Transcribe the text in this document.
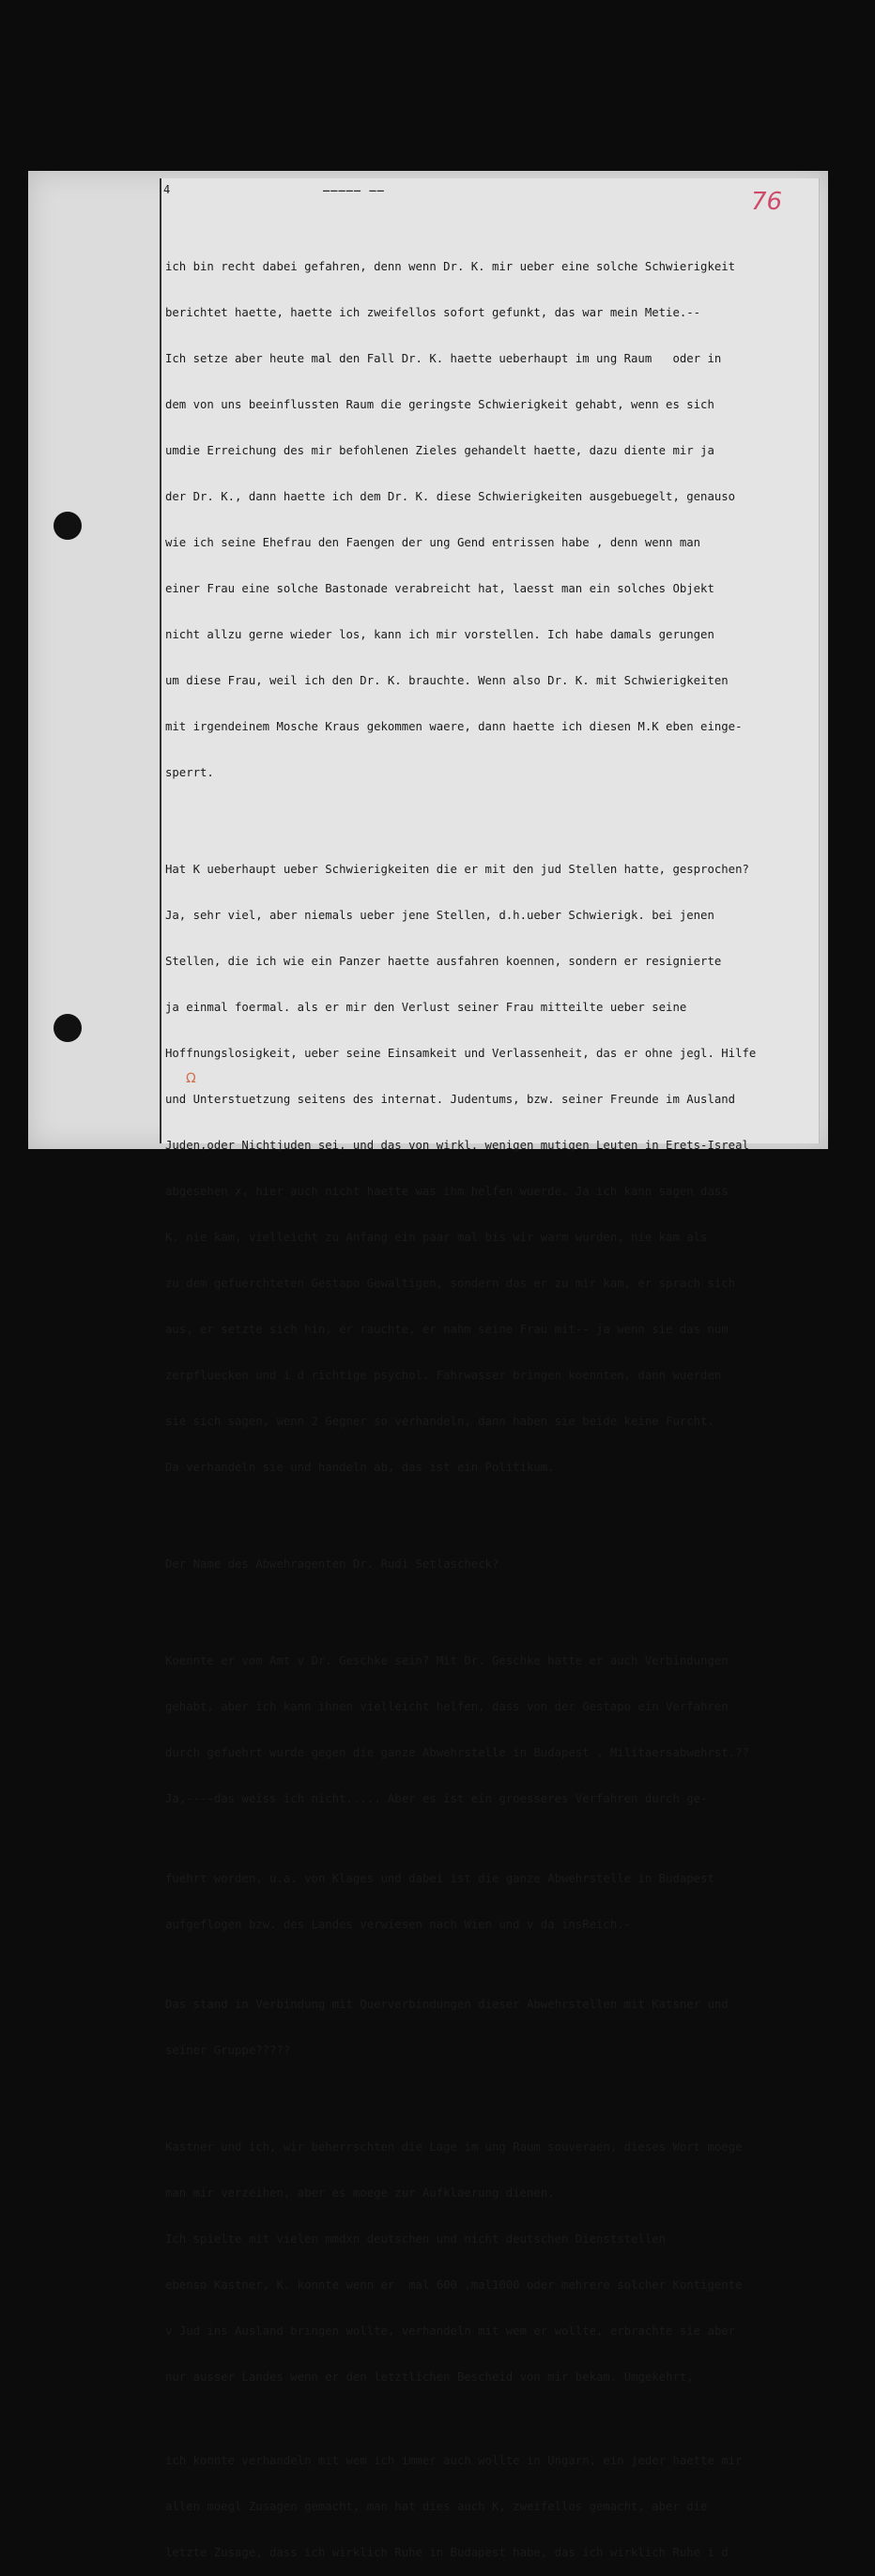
_____ __
4	76
Ω

ich bin recht dabei gefahren, denn wenn Dr. K. mir ueber eine solche Schwierigkeit

berichtet haette, haette ich zweifellos sofort gefunkt, das war mein Metie.--

Ich setze aber heute mal den Fall Dr. K. haette ueberhaupt im ung Raum   oder in

dem von uns beeinflussten Raum die geringste Schwierigkeit gehabt, wenn es sich

umdie Erreichung des mir befohlenen Zieles gehandelt haette, dazu diente mir ja

der Dr. K., dann haette ich dem Dr. K. diese Schwierigkeiten ausgebuegelt, genauso

wie ich seine Ehefrau den Faengen der ung Gend entrissen habe , denn wenn man

einer Frau eine solche Bastonade verabreicht hat, laesst man ein solches Objekt

nicht allzu gerne wieder los, kann ich mir vorstellen. Ich habe damals gerungen

um diese Frau, weil ich den Dr. K. brauchte. Wenn also Dr. K. mit Schwierigkeiten

mit irgendeinem Mosche Kraus gekommen waere, dann haette ich diesen M.K eben einge-

sperrt.

Hat K ueberhaupt ueber Schwierigkeiten die er mit den jud Stellen hatte, gesprochen?

Ja, sehr viel, aber niemals ueber jene Stellen, d.h.ueber Schwierigk. bei jenen

Stellen, die ich wie ein Panzer haette ausfahren koennen, sondern er resignierte

ja einmal foermal. als er mir den Verlust seiner Frau mitteilte ueber seine

Hoffnungslosigkeit, ueber seine Einsamkeit und Verlassenheit, das er ohne jegl. Hilfe

und Unterstuetzung seitens des internat. Judentums, bzw. seiner Freunde im Ausland

Juden,oder Nichtjuden sei, und das von wirkl. wenigen mutigen Leuten in Erets-Isreal

abgesehen ✗, hier auch nicht haette was ihm helfen wuerde. Ja ich kann sagen dass

K. nie kam, vielleicht zu Anfang ein paar mal bis wir warm wurden, nie kam als

zu dem gefuerchteten Gestapo Gewaltigen, sondern das er zu mir kam, er sprach sich

aus, er setzte sich hin, er rauchte, er nahm seine Frau mit-- ja wenn sie das num

zerpfluecken und i d richtige psychol. Fahrwasser bringen koennten, dann wuerden

sie sich sagen, wenn 2 Gegner so verhandeln, dann haben sie beide keine Furcht.

Da verhandeln sie und handeln ab, das ist ein Politikum.

Der Name des Abwehragenten Dr. Rudi Setlascheck?

Koennte er vom Amt v Dr. Geschke sein? Mit Dr. Geschke hatte er auch Verbindungen

gehabt, aber ich kann ihnen vielleicht helfen, dass von der Gestapo ein Verfahren

durch gefuehrt wurde gegen die ganze Abwehrstelle in Budapest , Militaersabwehrst.??

Ja,----das weiss ich nicht..... Aber es ist ein groesseres Verfahren durch ge-

fuehrt worden, u.a. von Klages und dabei ist die ganze Abwehrstelle in Budapest

aufgeflogen bzw. des Landes verwiesen nach Wien und v da insReich.-

Das stand in Verbindung mit Querverbindungen dieser Abwehrstellen mit Katsner und

seiner Gruppe?????

Kastner und ich, wir beherrschten die Lage im ung Raum souveraen, dieses Wort moege

man mir verzeihen, aber es moege zur Aufklaerung dienen.

Ich spielte mit vielen mmdxn deutschen und nicht deutschen Dienststellen

ebenso Kastner, K. konnte wenn er  mal 600 ,mal1000 oder mehrere solcher Kontigente

v Jud ins Ausland bringen wollte, verhandeln mit wem er wollte, erbrachte sie aber

nur ausser Landes wenn er den letztlichen Bescheid von mir bekam. Umgekehrt,

ich konnte verhandeln mit wem ich immer auch wollte in Ungarn, ein jeder haette mir

allen moegl Zusagen gemacht, man hat dies auch K, zweifellos gemacht, aber die

letzte Zusage, dass ich wirklich Ruhe in Budapest habe, das ich wirklich Ruhe i d
